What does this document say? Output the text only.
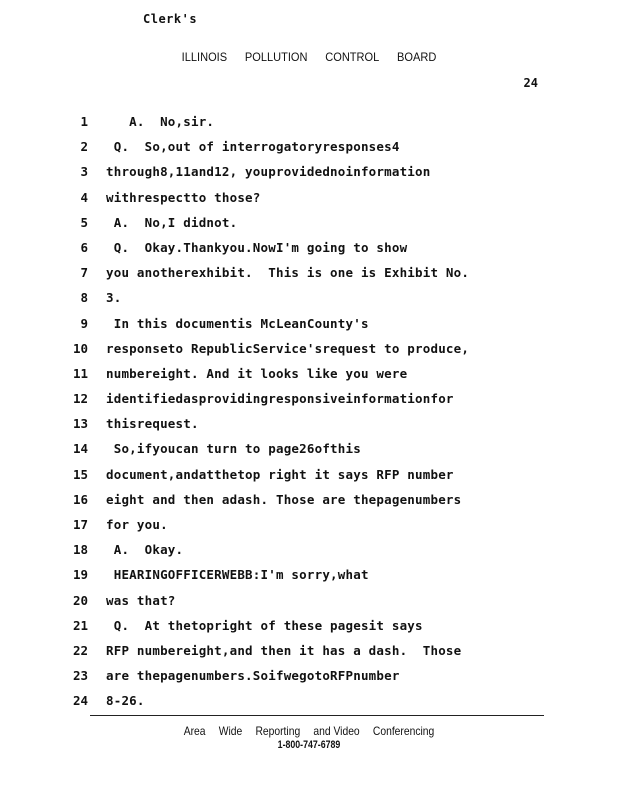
Clerk's
ILLINOIS POLLUTION CONTROL BOARD
24
1 A.  No,sir.
2 Q.  So,out of interrogatoryresponses4
3 through8,11and12, youprovidednoinformation
4 withrespectto those?
5 A.  No,I didnot.
6 Q.  Okay.Thankyou.NowI'm going to show
7 you anotherexhibit.  This is one is Exhibit No.
8 3.
9 In this documentis McLeanCounty's
10 responseto RepublicService'srequest to produce,
11 numbereight. And it looks like you were
12 identifiedasprovidingresponsiveinformationfor
13 thisrequest.
14 So,ifyoucan turn to page26ofthis
15 document,andatthetop right it says RFP number
16 eight and then adash. Those are thepagenumbers
17 for you.
18 A.  Okay.
19 HEARINGOFFICERWEBB:I'm sorry,what
20 was that?
21 Q.  At thetopright of these pagesit says
22 RFP numbereight,and then it has a dash.  Those
23 are thepagenumbers.SoifwegotoRFPnumber
24 8-26.
Area Wide Reporting and Video Conferencing
1-800-747-6789
